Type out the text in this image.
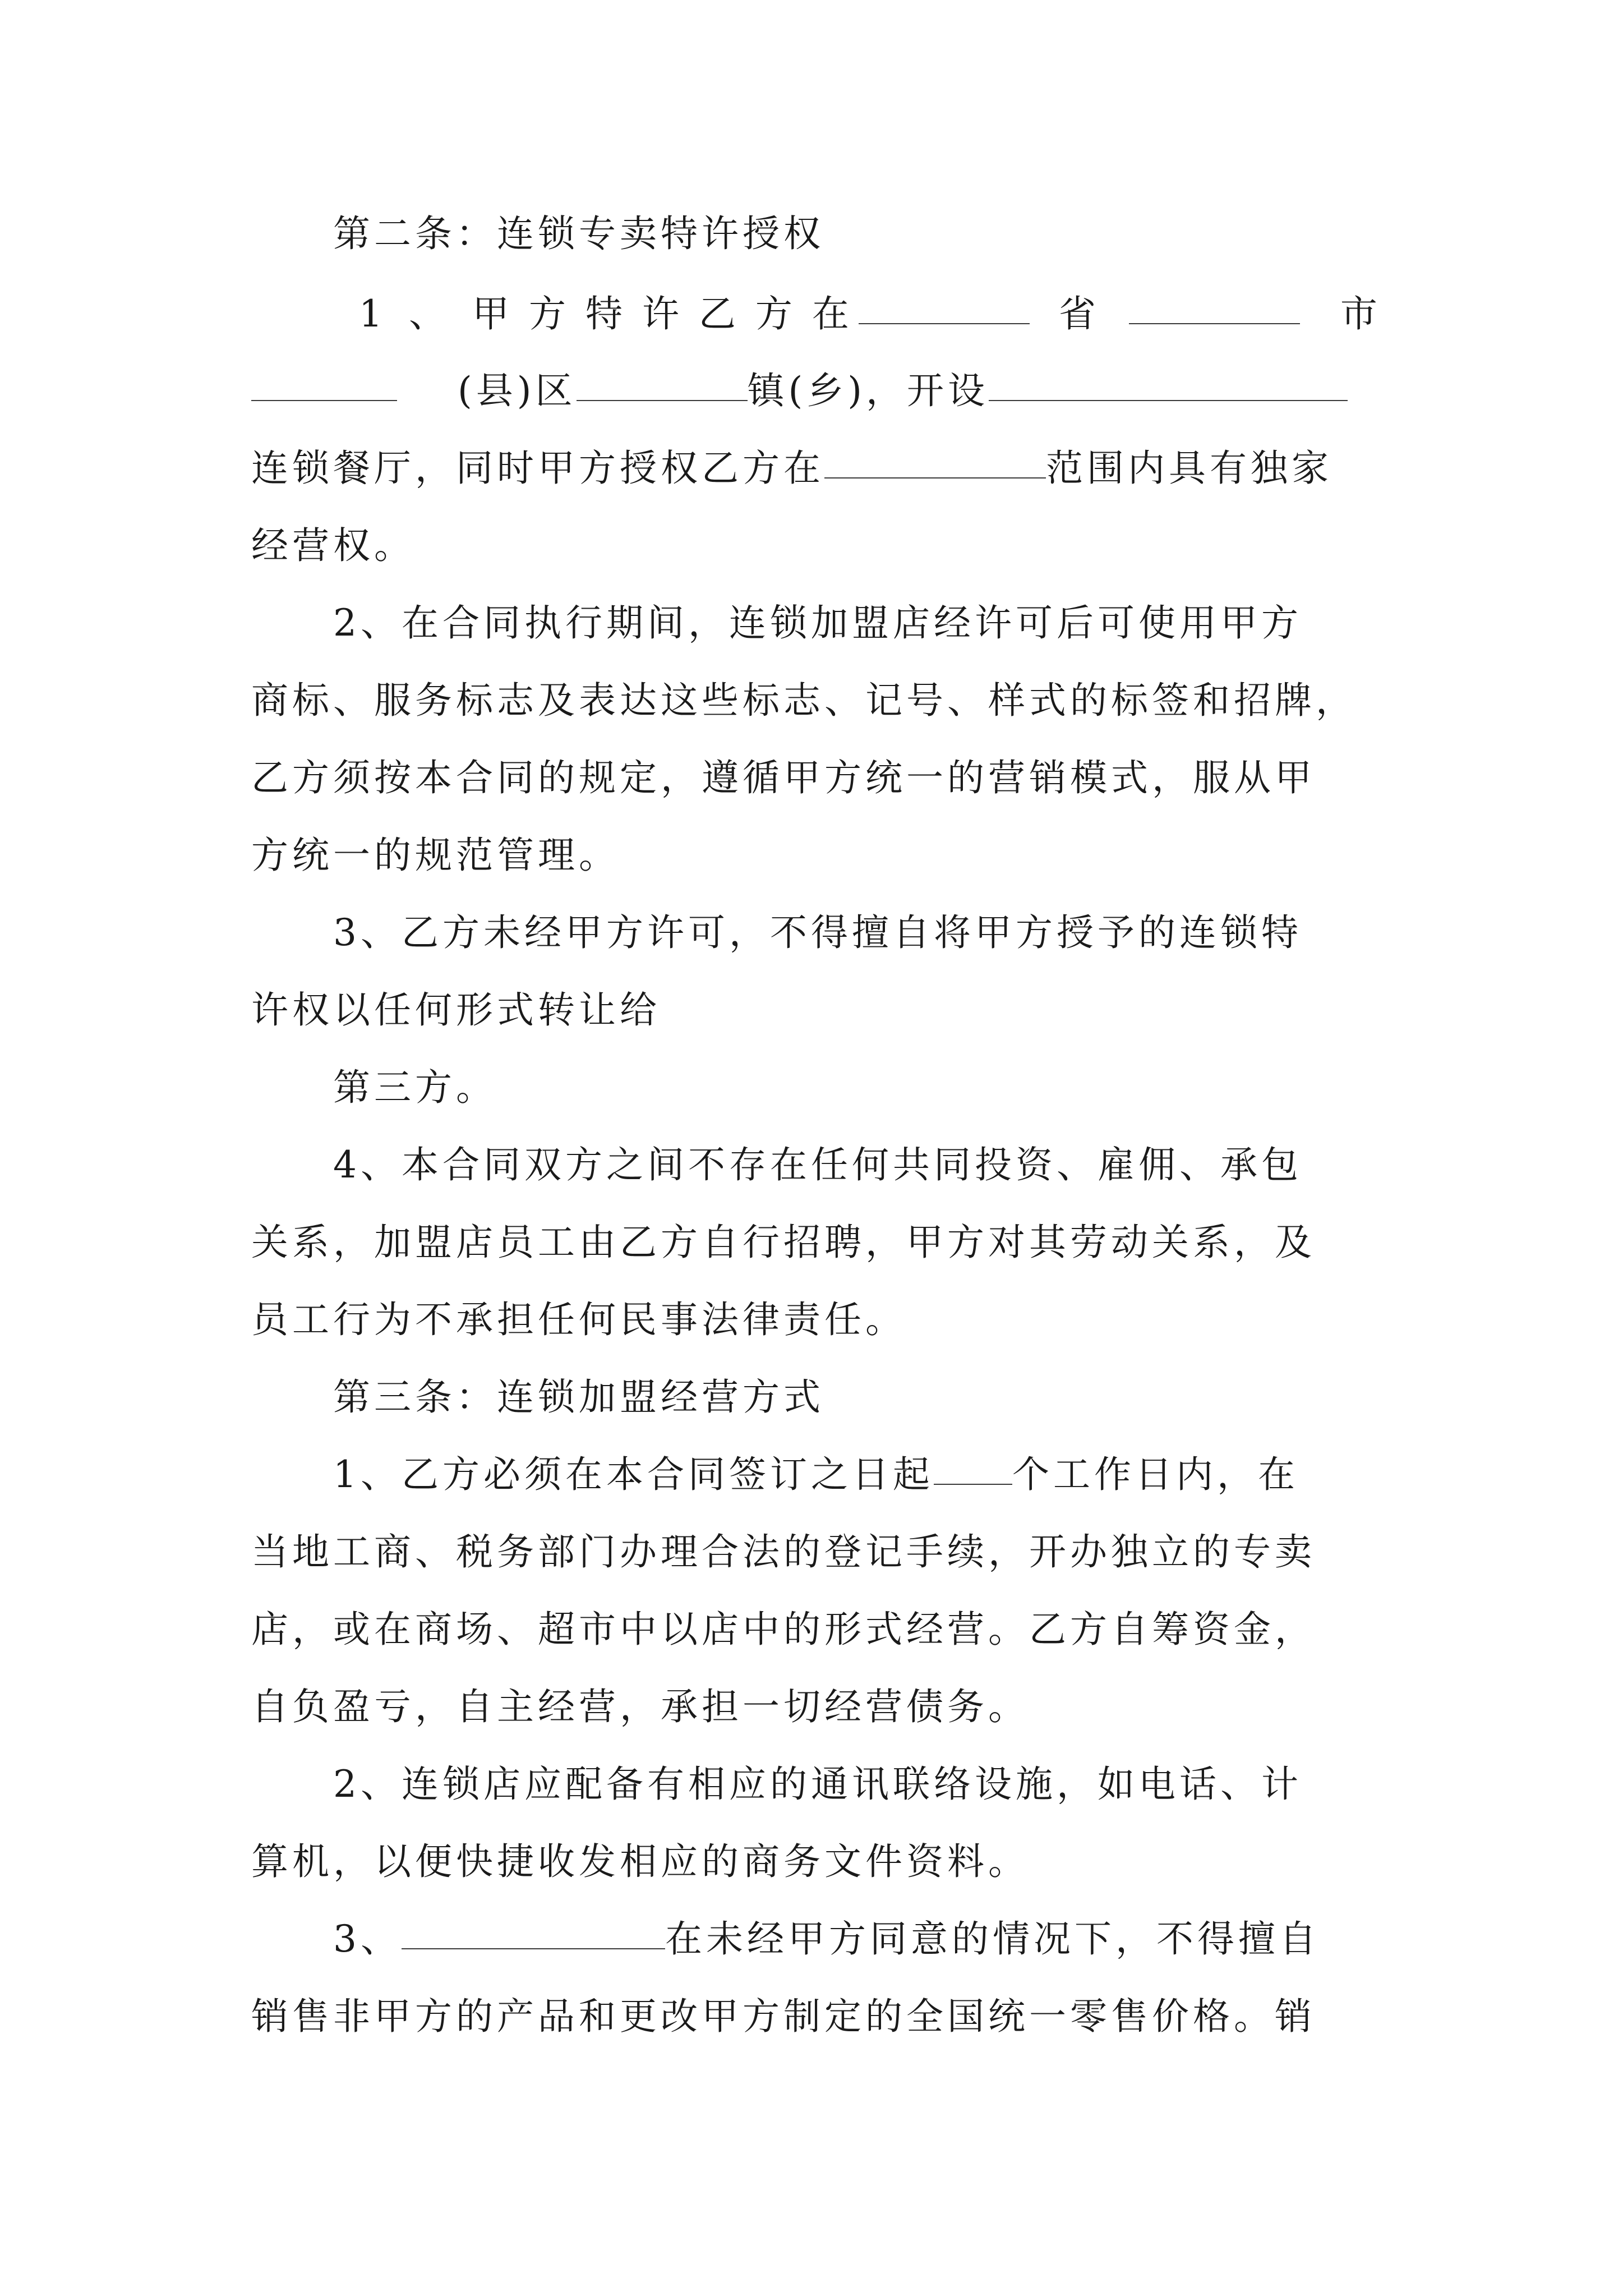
第二条：连锁专卖特许授权
1 、 甲 方 特 许 乙 方 在	省	市
(县)区	镇(乡)，开设
连锁餐厅，同时甲方授权乙方在	范围内具有独家
经营权。
2、在合同执行期间，连锁加盟店经许可后可使用甲方
商标、服务标志及表达这些标志、记号、样式的标签和招牌，
乙方须按本合同的规定，遵循甲方统一的营销模式，服从甲
方统一的规范管理。
3、乙方未经甲方许可，不得擅自将甲方授予的连锁特
许权以任何形式转让给
第三方。
4、本合同双方之间不存在任何共同投资、雇佣、承包
关系，加盟店员工由乙方自行招聘，甲方对其劳动关系，及
员工行为不承担任何民事法律责任。
第三条：连锁加盟经营方式
1、乙方必须在本合同签订之日起 个工作日内，在
当地工商、税务部门办理合法的登记手续，开办独立的专卖
店，或在商场、超市中以店中的形式经营。乙方自筹资金，
自负盈亏，自主经营，承担一切经营债务。
2、连锁店应配备有相应的通讯联络设施，如电话、计
算机，以便快捷收发相应的商务文件资料。
3、	在未经甲方同意的情况下，不得擅自
销售非甲方的产品和更改甲方制定的全国统一零售价格。销
